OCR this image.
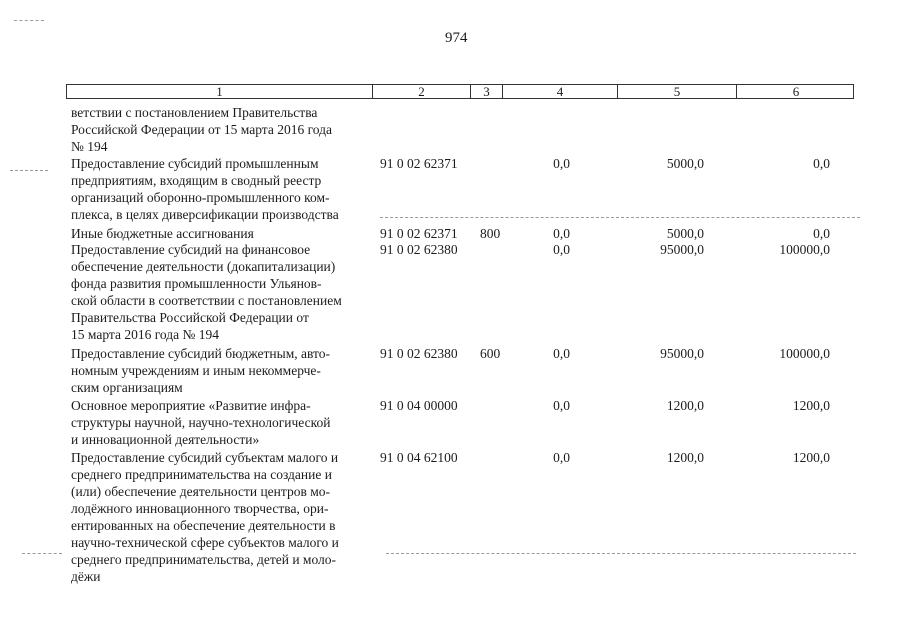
974
1	2	3	4	5	6
ветствии с постановлением Правительства
Российской Федерации от 15 марта 2016 года
№ 194
Предоставление субсидий промышленным
предприятиям, входящим в сводный реестр
организаций оборонно-промышленного ком-
плекса, в целях диверсификации производства
91 0 02 62371	0,0	5000,0	0,0
Иные бюджетные ассигнования	91 0 02 62371 800	0,0	5000,0	0,0
Предоставление субсидий на финансовое
обеспечение деятельности (докапитализации)
фонда развития промышленности Ульянов-
ской области в соответствии с постановлением
Правительства Российской Федерации от
15 марта 2016 года № 194
91 0 02 62380	0,0	95000,0	100000,0
Предоставление субсидий бюджетным, авто-
номным учреждениям и иным некоммерче-
ским организациям
91 0 02 62380 600	0,0	95000,0	100000,0
Основное мероприятие «Развитие инфра-
структуры научной, научно-технологической
и инновационной деятельности»
91 0 04 00000	0,0	1200,0	1200,0
Предоставление субсидий субъектам малого и
среднего предпринимательства на создание и
(или) обеспечение деятельности центров мо-
лодёжного инновационного творчества, ори-
ентированных на обеспечение деятельности в
научно-технической сфере субъектов малого и
среднего предпринимательства, детей и моло-
дёжи
91 0 04 62100	0,0	1200,0	1200,0
